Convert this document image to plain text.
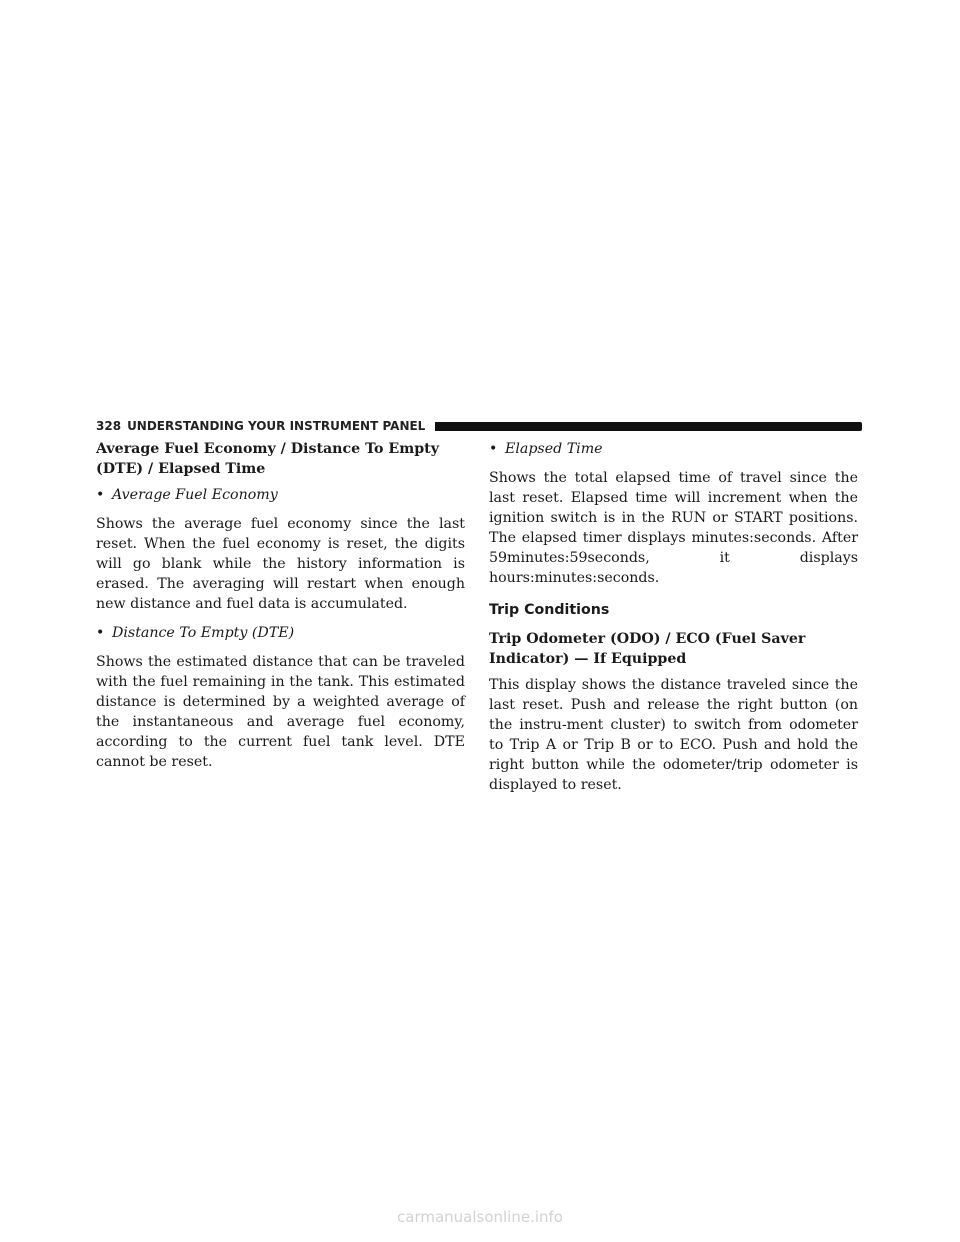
328 UNDERSTANDING YOUR INSTRUMENT PANEL
Average Fuel Economy / Distance To Empty (DTE) / Elapsed Time
• Average Fuel Economy

Shows the average fuel economy since the last reset. When the fuel economy is reset, the digits will go blank while the history information is erased. The averaging will restart when enough new distance and fuel data is accumulated.

• Distance To Empty (DTE)

Shows the estimated distance that can be traveled with the fuel remaining in the tank. This estimated distance is determined by a weighted average of the instantaneous and average fuel economy, according to the current fuel tank level. DTE cannot be reset.

• Elapsed Time

Shows the total elapsed time of travel since the last reset. Elapsed time will increment when the ignition switch is in the RUN or START positions. The elapsed timer displays minutes:seconds. After 59minutes:59seconds, it displays hours:minutes:seconds.

Trip Conditions
Trip Odometer (ODO) / ECO (Fuel Saver Indicator) — If Equipped

This display shows the distance traveled since the last reset. Push and release the right button (on the instru-ment cluster) to switch from odometer to Trip A or Trip B or to ECO. Push and hold the right button while the odometer/trip odometer is displayed to reset.

carmanualsonline.info
